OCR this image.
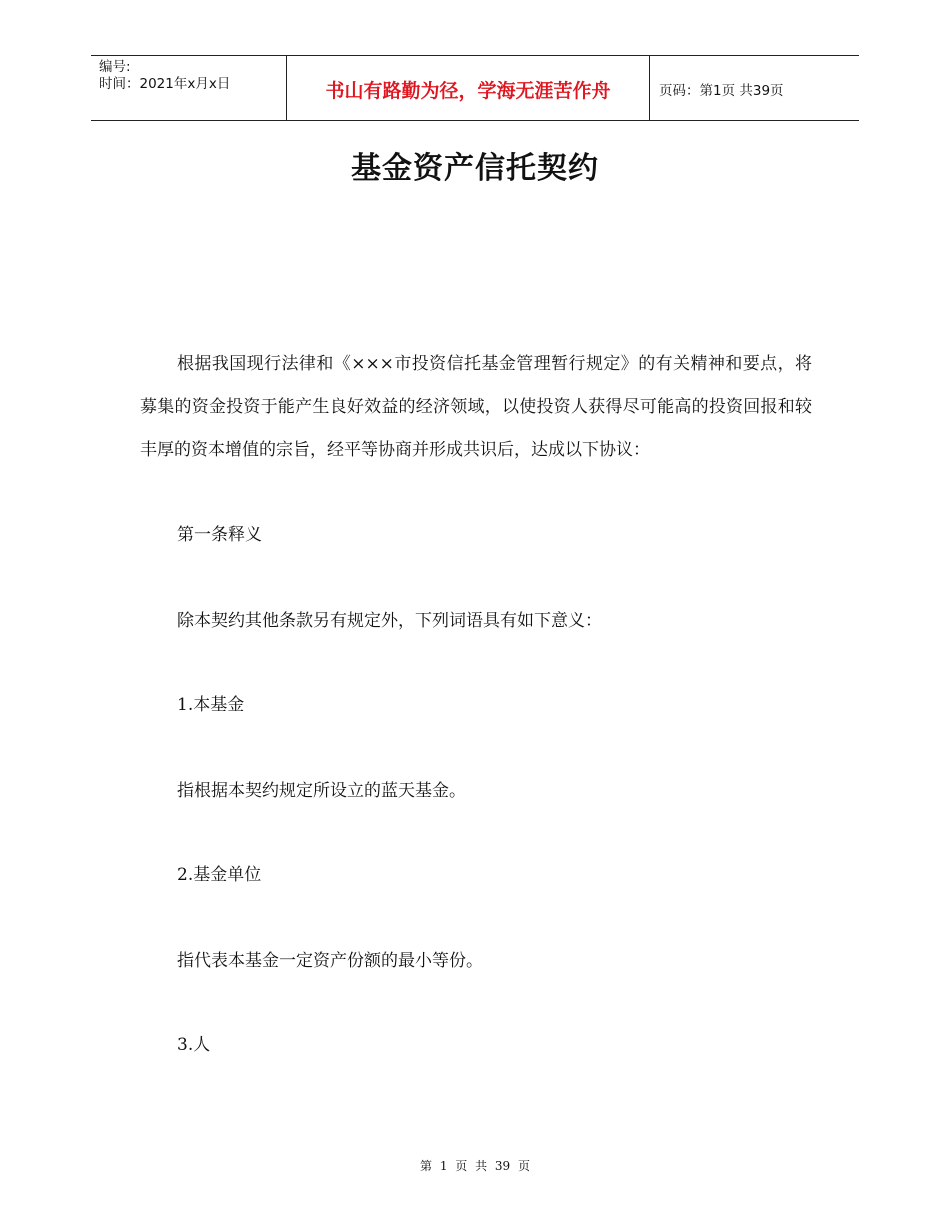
编号:
时间：2021年x月x日	书山有路勤为径，学海无涯苦作舟	页码：第1页 共39页
基金资产信托契约

根据我国现行法律和《×××市投资信托基金管理暂行规定》的有关精神和要点，将募集的资金投资于能产生良好效益的经济领域，以使投资人获得尽可能高的投资回报和较丰厚的资本增值的宗旨，经平等协商并形成共识后，达成以下协议：

第一条释义

除本契约其他条款另有规定外，下列词语具有如下意义：

1.本基金

指根据本契约规定所设立的蓝天基金。

2.基金单位

指代表本基金一定资产份额的最小等份。

3.人

第 1 页 共 39 页
